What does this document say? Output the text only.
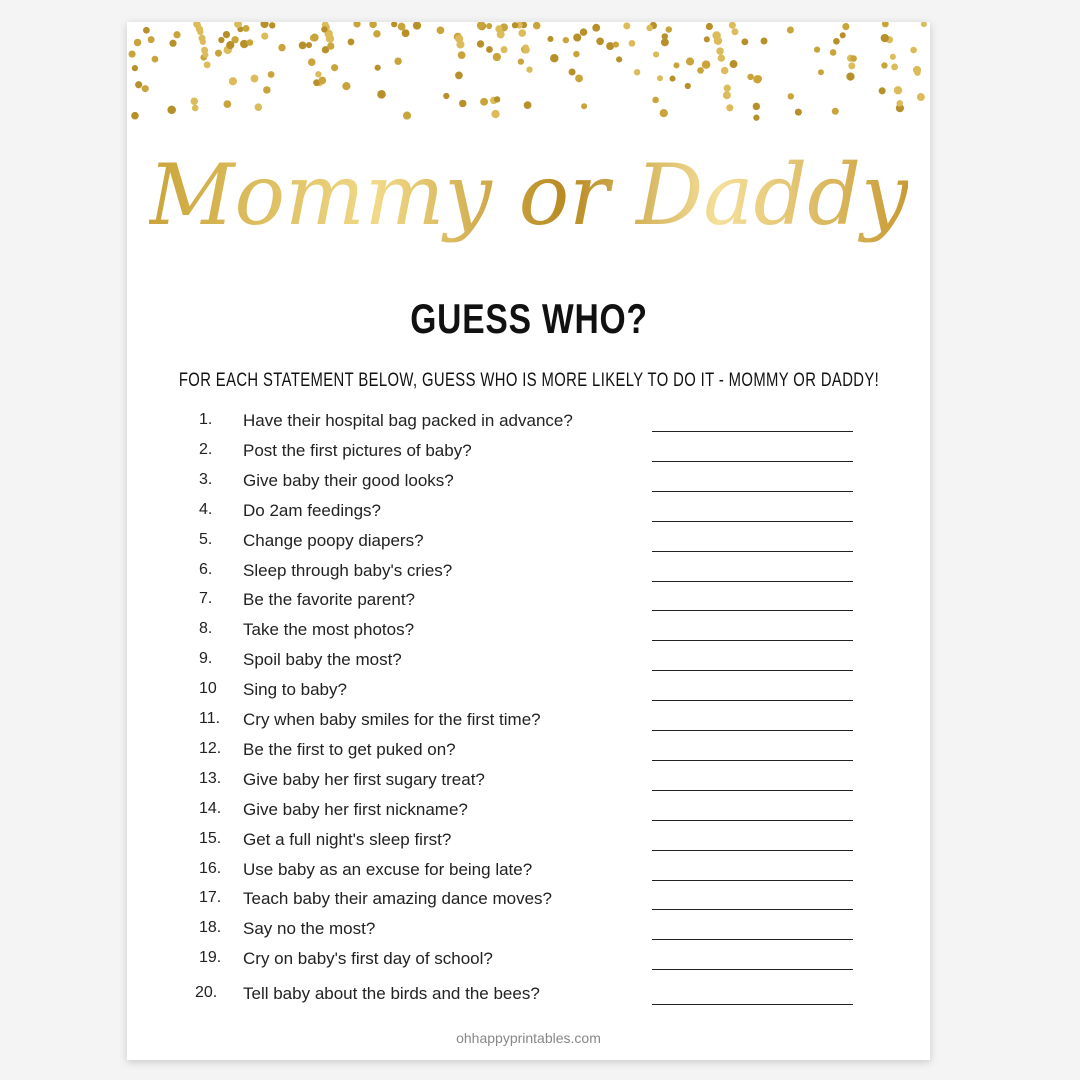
Mommy or Daddy
GUESS WHO?
FOR EACH STATEMENT BELOW, GUESS WHO IS MORE LIKELY TO DO IT - MOMMY OR DADDY!
1.	Have their hospital bag packed in advance?
2.	Post the first pictures of baby?
3.	Give baby their good looks?
4.	Do 2am feedings?
5.	Change poopy diapers?
6.	Sleep through baby's cries?
7.	Be the favorite parent?
8.	Take the most photos?
9.	Spoil baby the most?
10	Sing to baby?
11. Cry when baby smiles for the first time?
12. Be the first to get puked on?
13. Give baby her first sugary treat?
14. Give baby her first nickname?
15. Get a full night's sleep first?
16. Use baby as an excuse for being late?
17. Teach baby their amazing dance moves?
18. Say no the most?
19. Cry on baby's first day of school?
20. Tell baby about the birds and the bees?
ohhappyprintables.com
